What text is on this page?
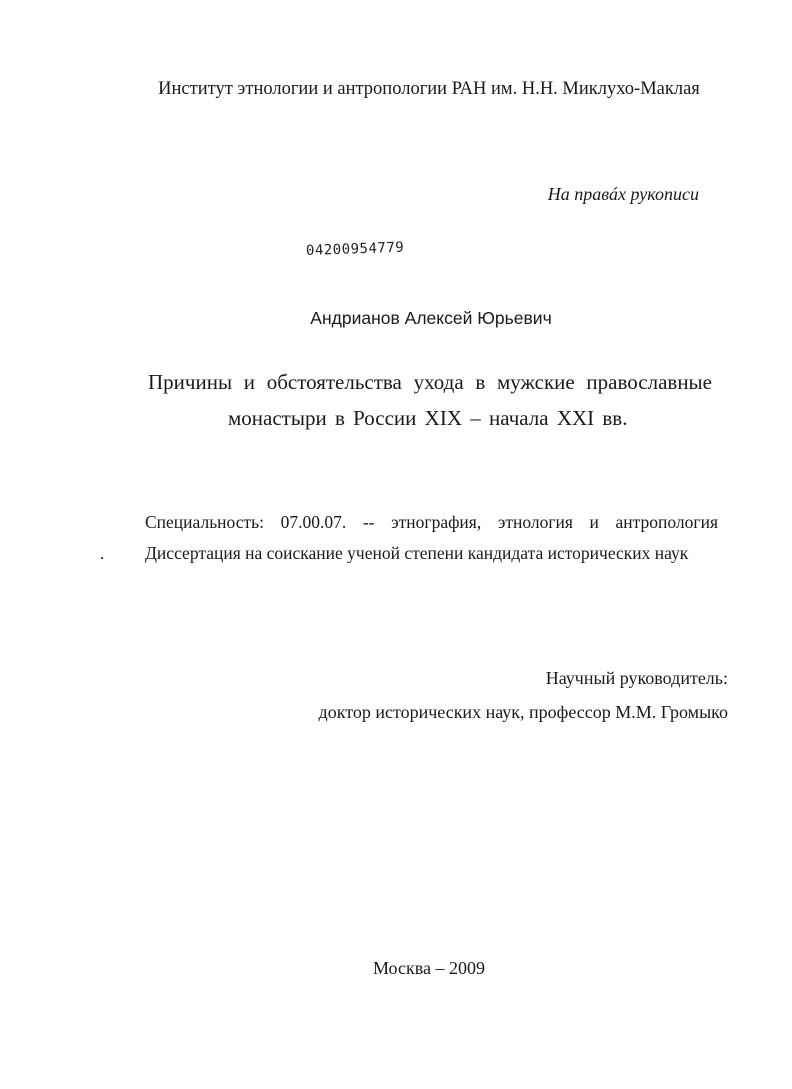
Институт этнологии и антропологии РАН им. Н.Н. Миклухо-Маклая
На правáх рукописи
04200954779
Андрианов Алексей Юрьевич
Причины и обстоятельства ухода в мужские православные
монастыри в России XIX – начала XXI вв.
Специальность: 07.00.07. -- этнография, этнология и антропология
. Диссертация на соискание ученой степени кандидата исторических наук
Научный руководитель:
доктор исторических наук, профессор М.М. Громыко
Москва – 2009
